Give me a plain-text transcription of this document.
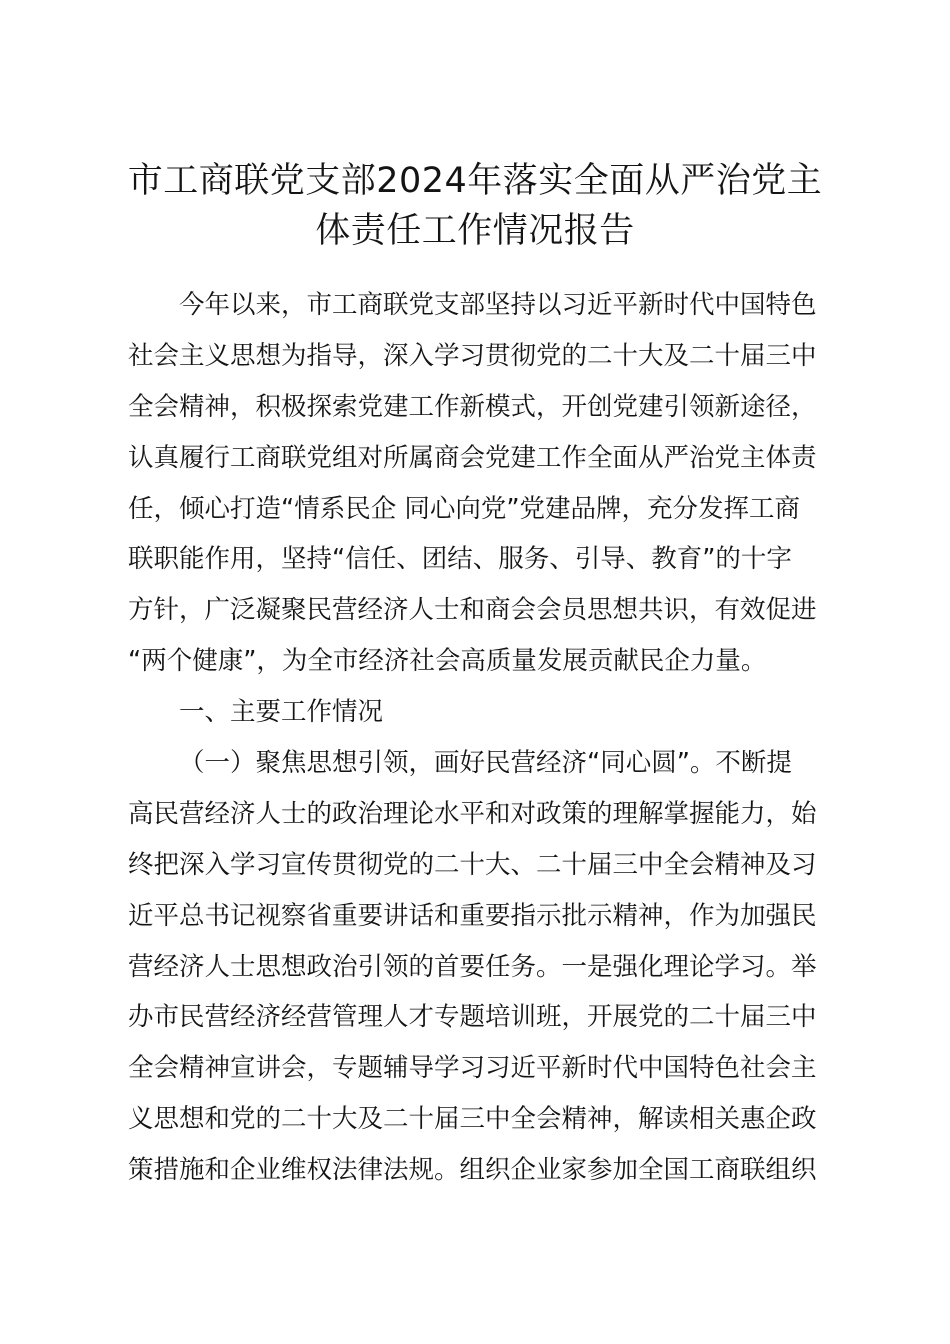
市工商联党支部2024年落实全面从严治党主
体责任工作情况报告
今年以来，市工商联党支部坚持以习近平新时代中国特色
社会主义思想为指导，深入学习贯彻党的二十大及二十届三中
全会精神，积极探索党建工作新模式，开创党建引领新途径，
认真履行工商联党组对所属商会党建工作全面从严治党主体责
任，倾心打造“情系民企 同心向党”党建品牌，充分发挥工商
联职能作用，坚持“信任、团结、服务、引导、教育”的十字
方针，广泛凝聚民营经济人士和商会会员思想共识，有效促进
“两个健康”，为全市经济社会高质量发展贡献民企力量。
一、主要工作情况
（一）聚焦思想引领，画好民营经济“同心圆”。不断提
高民营经济人士的政治理论水平和对政策的理解掌握能力，始
终把深入学习宣传贯彻党的二十大、二十届三中全会精神及习
近平总书记视察省重要讲话和重要指示批示精神，作为加强民
营经济人士思想政治引领的首要任务。一是强化理论学习。举
办市民营经济经营管理人才专题培训班，开展党的二十届三中
全会精神宣讲会，专题辅导学习习近平新时代中国特色社会主
义思想和党的二十大及二十届三中全会精神，解读相关惠企政
策措施和企业维权法律法规。组织企业家参加全国工商联组织
